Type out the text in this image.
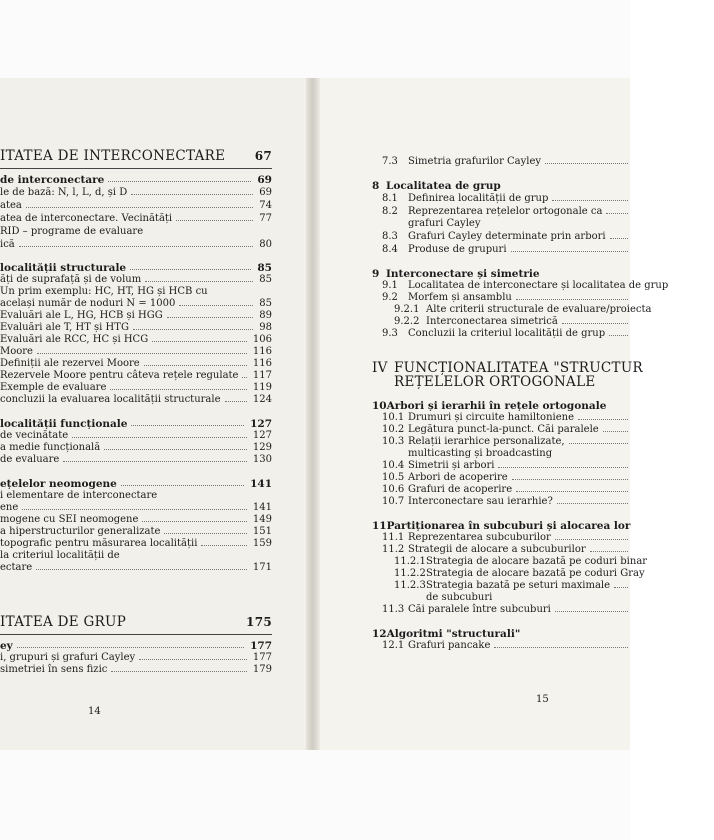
ITATEA DE INTERCONECTARE 67
de interconectare	69
le de bază: N, l, L, d, și D	69
atea	74
atea de interconectare. Vecinătăți	77
RID – programe de evaluare
ică	80
localității structurale	85
ăți de suprafață și de volum	85
Un prim exemplu: HC, HT, HG și HCB cu
același număr de noduri N = 1000	85
Evaluări ale L, HG, HCB și HGG	89
Evaluări ale T, HT și HTG	98
Evaluări ale RCC, HC și HCG	106
Moore	116
Definiții ale rezervei Moore	116
Rezervele Moore pentru câteva rețele regulate 117
Exemple de evaluare	119
concluzii la evaluarea localității structurale	124
localității funcționale	127
de vecinătate	127
a medie funcțională	129
de evaluare	130
ețelelor neomogene	141
i elementare de interconectare
ene	141
mogene cu SEI neomogene	149
a hiperstructurilor generalizate	151
topografic pentru măsurarea localității	159
la criteriul localității de
ectare	171
ITATEA DE GRUP	175
ey	177
i, grupuri și grafuri Cayley	177
simetriei în sens fizic	179
14
7.3 Simetria grafurilor Cayley
8 Localitatea de grup
8.1 Definirea localității de grup
8.2 Reprezentarea rețelelor ortogonale ca
grafuri Cayley
8.3 Grafuri Cayley determinate prin arbori
8.4 Produse de grupuri
9 Interconectare și simetrie
9.1 Localitatea de interconectare și localitatea de grup
9.2 Morfem și ansamblu
9.2.1 Alte criterii structurale de evaluare/proiecta
9.2.2 Interconectarea simetrică
9.3 Concluzii la criteriul localității de grup
IV FUNCȚIONALITATEA "STRUCTUR
REȚELELOR ORTOGONALE
10Arbori și ierarhii în rețele ortogonale
10.1 Drumuri și circuite hamiltoniene
10.2 Legătura punct-la-punct. Căi paralele
10.3 Relații ierarhice personalizate,
multicasting și broadcasting
10.4 Simetrii și arbori
10.5 Arbori de acoperire
10.6 Grafuri de acoperire
10.7 Interconectare sau ierarhie?
11Partiționarea în subcuburi și alocarea lor
11.1 Reprezentarea subcuburilor
11.2 Strategii de alocare a subcuburilor
11.2.1Strategia de alocare bazată pe coduri binar
11.2.2Strategia de alocare bazată pe coduri Gray
11.2.3Strategia bazată pe seturi maximale
de subcuburi
11.3 Căi paralele între subcuburi
12Algoritmi "structurali"
12.1 Grafuri pancake
15
